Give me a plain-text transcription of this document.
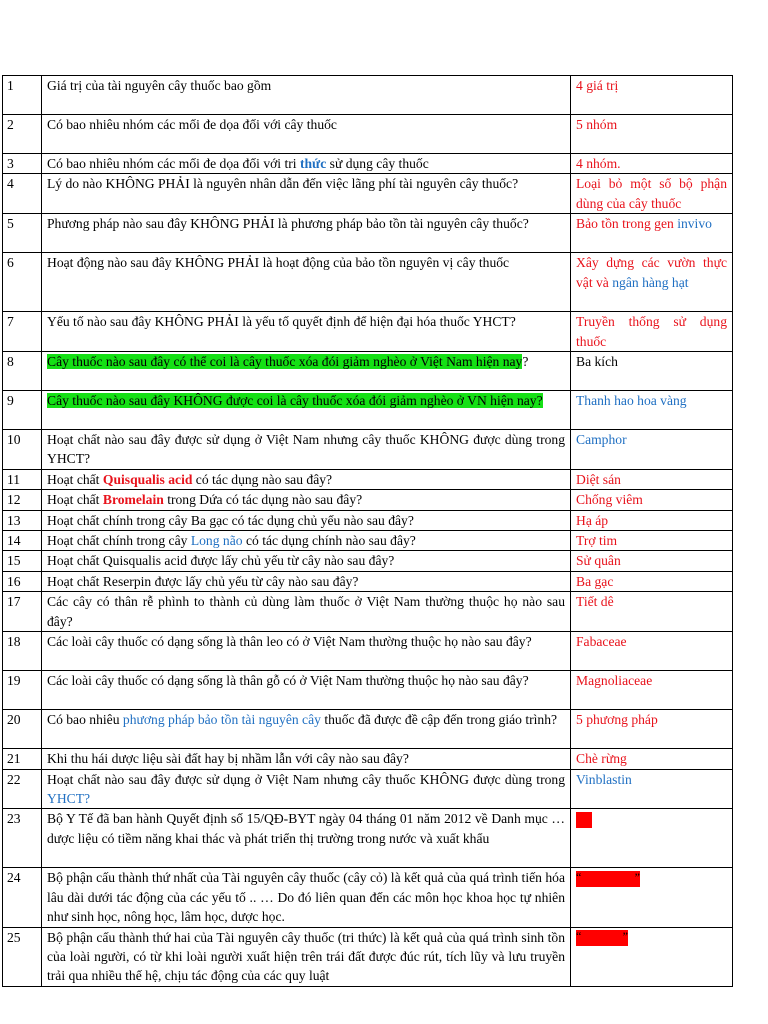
1	Giá trị của tài nguyên cây thuốc bao gồm	4 giá trị
2	Có bao nhiêu nhóm các mối đe dọa đối với cây thuốc	5 nhóm
3	Có bao nhiêu nhóm các mối đe dọa đối với tri thức sử dụng cây thuốc	4 nhóm.
4	Lý do nào KHÔNG PHẢI là nguyên nhân dẫn đến việc lãng phí tài nguyên cây thuốc?	Loại bỏ một số bộ phận dùng của cây thuốc
5	Phương pháp nào sau đây KHÔNG PHẢI là phương pháp bảo tồn tài nguyên cây thuốc?	Bảo tồn trong gen invivo
6	Hoạt động nào sau đây KHÔNG PHẢI là hoạt động của bảo tồn nguyên vị cây thuốc	Xây dựng các vườn thực vật và ngân hàng hạt
7	Yếu tố nào sau đây KHÔNG PHẢI là yếu tố quyết định để hiện đại hóa thuốc YHCT?	Truyền thống sử dụng thuốc
8	Cây thuốc nào sau đây có thể coi là cây thuốc xóa đói giảm nghèo ở Việt Nam hiện nay?	Ba kích
9	Cây thuốc nào sau đây KHÔNG được coi là cây thuốc xóa đói giảm nghèo ở VN hiện nay?	Thanh hao hoa vàng
10	Hoạt chất nào sau đây được sử dụng ở Việt Nam nhưng cây thuốc KHÔNG được dùng trong YHCT?	Camphor
11	Hoạt chất Quisqualis acid có tác dụng nào sau đây?	Diệt sán
12	Hoạt chất Bromelain trong Dứa có tác dụng nào sau đây?	Chống viêm
13	Hoạt chất chính trong cây Ba gạc có tác dụng chủ yếu nào sau đây?	Hạ áp
14	Hoạt chất chính trong cây Long não có tác dụng chính nào sau đây?	Trợ tim
15	Hoạt chất Quisqualis acid được lấy chủ yếu từ cây nào sau đây?	Sử quân
16	Hoạt chất Reserpin được lấy chủ yếu từ cây nào sau đây?	Ba gạc
17	Các cây có thân rễ phình to thành củ dùng làm thuốc ở Việt Nam thường thuộc họ nào sau đây?	Tiết dê
18	Các loài cây thuốc có dạng sống là thân leo có ở Việt Nam thường thuộc họ nào sau đây?	Fabaceae
19	Các loài cây thuốc có dạng sống là thân gỗ có ở Việt Nam thường thuộc họ nào sau đây?	Magnoliaceae
20	Có bao nhiêu phương pháp bảo tồn tài nguyên cây thuốc đã được đề cập đến trong giáo trình?	5 phương pháp
21	Khi thu hái dược liệu sài đất hay bị nhầm lẫn với cây nào sau đây?	Chè rừng
22	Hoạt chất nào sau đây được sử dụng ở Việt Nam nhưng cây thuốc KHÔNG được dùng trong YHCT?	Vinblastin
23	Bộ Y Tế đã ban hành Quyết định số 15/QĐ-BYT ngày 04 tháng 01 năm 2012 về Danh mục … dược liệu có tiềm năng khai thác và phát triển thị trường trong nước và xuất khẩu	
24	Bộ phận cấu thành thứ nhất của Tài nguyên cây thuốc (cây cỏ) là kết quả của quá trình tiến hóa lâu dài dưới tác động của các yếu tố .. … Do đó liên quan đến các môn học khoa học tự nhiên như sinh học, nông học, lâm học, dược học.	“ ”

25	Bộ phận cấu thành thứ hai của Tài nguyên cây thuốc (tri thức) là kết quả của quá trình sinh tồn của loài người, có từ khi loài người xuất hiện trên trái đất được đúc rút, tích lũy và lưu truyền trải qua nhiều thế hệ, chịu tác động của các quy luật	“ ”
